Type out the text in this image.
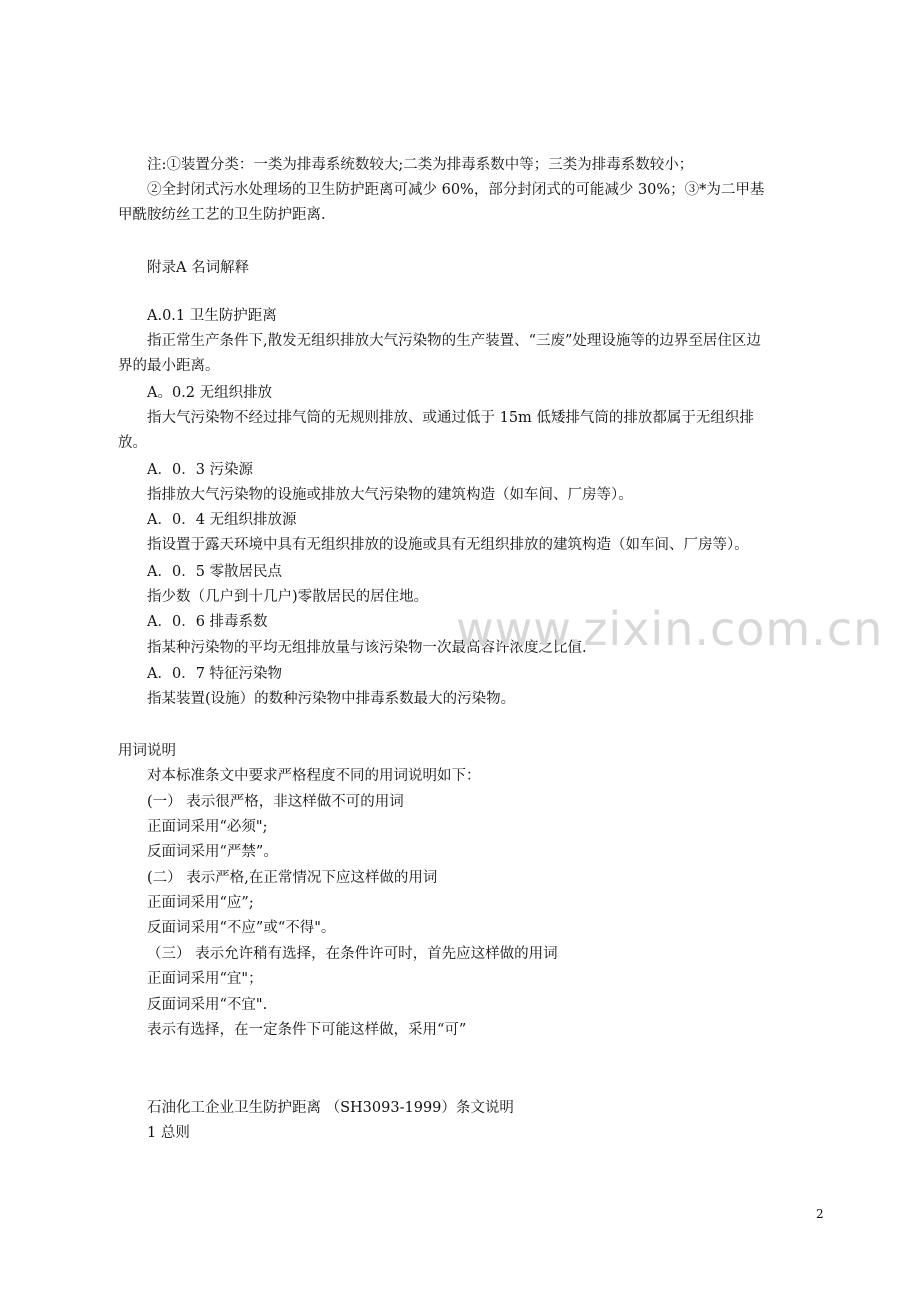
注:①装置分类：一类为排毒系统数较大;二类为排毒系数中等；三类为排毒系数较小；

②全封闭式污水处理场的卫生防护距离可减少 60%，部分封闭式的可能减少 30%；③*为二甲基

甲酰胺纺丝工艺的卫生防护距离.

附录A 名词解释

A.0.1 卫生防护距离

指正常生产条件下,散发无组织排放大气污染物的生产装置、“三废”处理设施等的边界至居住区边

界的最小距离。

A。0.2 无组织排放

指大气污染物不经过排气筒的无规则排放、或通过低于 15m 低矮排气筒的排放都属于无组织排

放。

A．0．3 污染源

指排放大气污染物的设施或排放大气污染物的建筑构造（如车间、厂房等）。

A．0．4 无组织排放源

指设置于露天环境中具有无组织排放的设施或具有无组织排放的建筑构造（如车间、厂房等）。

A．0．5 零散居民点

指少数（几户到十几户)零散居民的居住地。

A．0．6 排毒系数

指某种污染物的平均无组排放量与该污染物一次最高容许浓度之比值.

A．0．7 特征污染物

指某装置(设施）的数种污染物中排毒系数最大的污染物。

用词说明

对本标准条文中要求严格程度不同的用词说明如下：

(一） 表示很严格，非这样做不可的用词

正面词采用“必须";

反面词采用“严禁”。

(二） 表示严格,在正常情况下应这样做的用词

正面词采用“应”;

反面词采用“不应”或“不得"。

（三） 表示允许稍有选择，在条件许可时，首先应这样做的用词

正面词采用“宜"；

反面词采用“不宜".

表示有选择，在一定条件下可能这样做，采用“可”

石油化工企业卫生防护距离 （SH3093-1999）条文说明

1 总则

www.zixin.com.cn
2
